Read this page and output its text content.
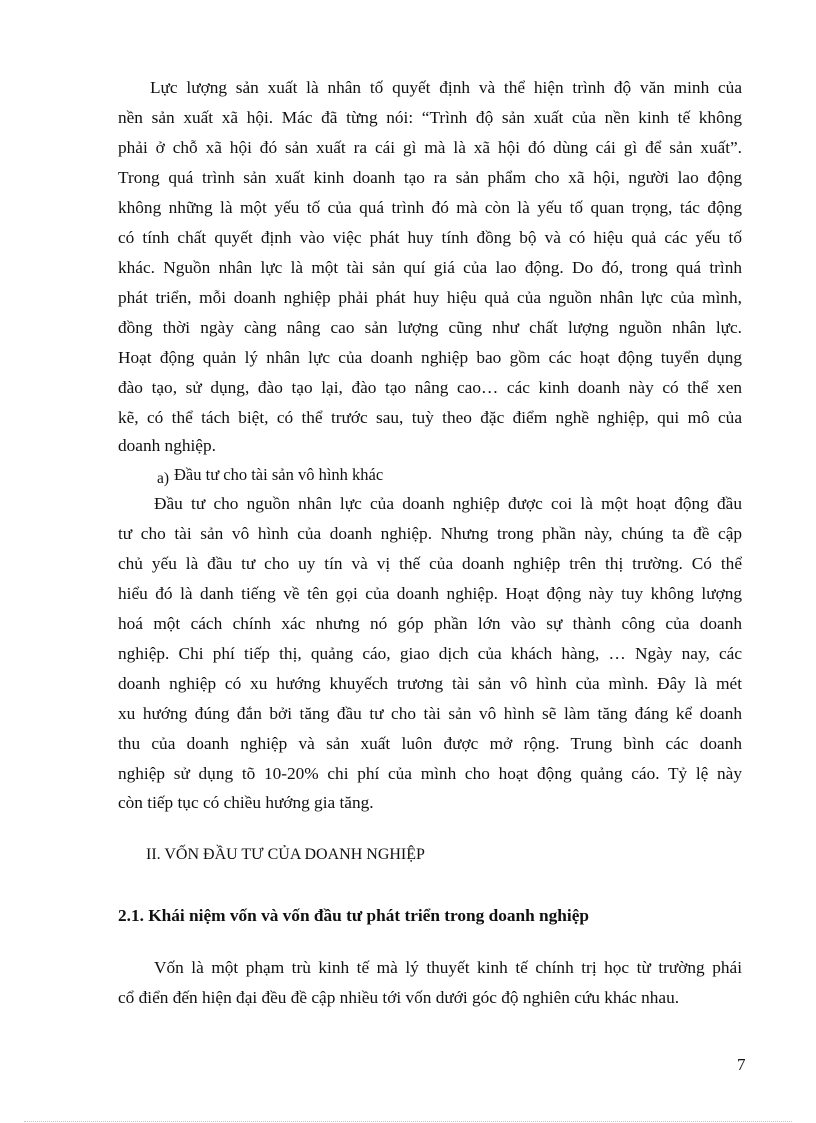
Lực lượng sản xuất là nhân tố quyết định và thể hiện trình độ văn minh của
nền sản xuất xã hội. Mác đã từng nói: “Trình độ sản xuất của nền kinh tế không
phải ở chỗ xã hội đó sản xuất ra cái gì mà là xã hội đó dùng cái gì để sản xuất”.
Trong quá trình sản xuất kinh doanh tạo ra sản phẩm cho xã hội, người lao động
không những là một yếu tố của quá trình đó mà còn là yếu tố quan trọng, tác động
có tính chất quyết định vào việc phát huy tính đồng bộ và có hiệu quả các yếu tố
khác. Nguồn nhân lực là một tài sản quí giá của lao động. Do đó, trong quá trình
phát triển, mỗi doanh nghiệp phải phát huy hiệu quả của nguồn nhân lực của mình,
đồng thời ngày càng nâng cao sản lượng cũng như chất lượng nguồn nhân lực.
Hoạt động quản lý nhân lực của doanh nghiệp bao gồm các hoạt động tuyển dụng
đào tạo, sử dụng, đào tạo lại, đào tạo nâng cao… các kinh doanh này có thể xen
kẽ, có thể tách biệt, có thể trước sau, tuỳ theo đặc điểm nghề nghiệp, qui mô của
doanh nghiệp.
a) Đầu tư cho tài sản vô hình khác
Đầu tư cho nguồn nhân lực của doanh nghiệp được coi là một hoạt động đầu
tư cho tài sản vô hình của doanh nghiệp. Nhưng trong phần này, chúng ta đề cập
chủ yếu là đầu tư cho uy tín và vị thế của doanh nghiệp trên thị trường. Có thể
hiểu đó là danh tiếng về tên gọi của doanh nghiệp. Hoạt động này tuy không lượng
hoá một cách chính xác nhưng nó góp phần lớn vào sự thành công của doanh
nghiệp. Chi phí tiếp thị, quảng cáo, giao dịch của khách hàng, … Ngày nay, các
doanh nghiệp có xu hướng khuyếch trương tài sản vô hình của mình. Đây là mét
xu hướng đúng đắn bởi tăng đầu tư cho tài sản vô hình sẽ làm tăng đáng kể doanh
thu của doanh nghiệp và sản xuất luôn được mở rộng. Trung bình các doanh
nghiệp sử dụng tõ 10-20% chi phí của mình cho hoạt động quảng cáo. Tỷ lệ này
còn tiếp tục có chiều hướng gia tăng.
II. VỐN ĐẦU TƯ CỦA DOANH NGHIỆP
2.1. Khái niệm vốn và vốn đầu tư phát triển trong doanh nghiệp
Vốn là một phạm trù kinh tế mà lý thuyết kinh tế chính trị học từ trường phái
cổ điển đến hiện đại đều đề cập nhiều tới vốn dưới góc độ nghiên cứu khác nhau.
7
